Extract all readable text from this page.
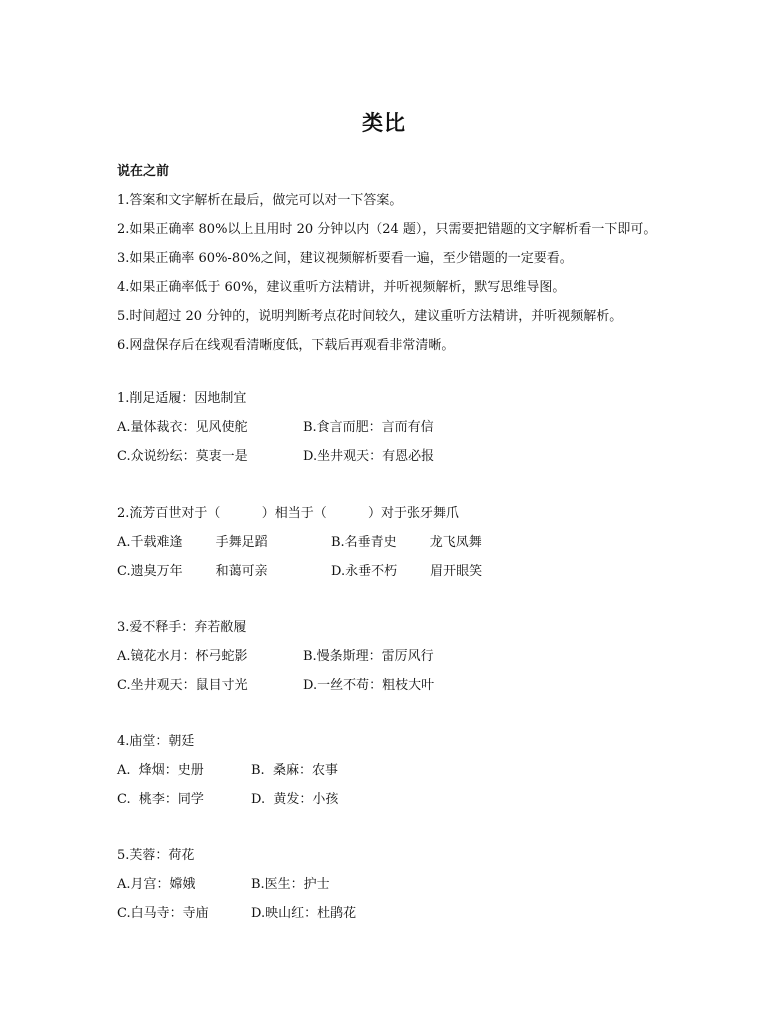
类比
说在之前
1.答案和文字解析在最后，做完可以对一下答案。
2.如果正确率 80%以上且用时 20 分钟以内（24 题），只需要把错题的文字解析看一下即可。
3.如果正确率 60%-80%之间，建议视频解析要看一遍，至少错题的一定要看。
4.如果正确率低于 60%，建议重听方法精讲，并听视频解析，默写思维导图。
5.时间超过 20 分钟的，说明判断考点花时间较久，建议重听方法精讲，并听视频解析。
6.网盘保存后在线观看清晰度低，下载后再观看非常清晰。
1.削足适履：因地制宜
A.量体裁衣：见风使舵	B.食言而肥：言而有信
C.众说纷纭：莫衷一是	D.坐井观天：有恩必报
2.流芳百世对于（          ）相当于（          ）对于张牙舞爪
A.千载难逢        手舞足蹈	B.名垂青史        龙飞凤舞
C.遗臭万年        和蔼可亲	D.永垂不朽        眉开眼笑
3.爱不释手：弃若敝履
A.镜花水月：杯弓蛇影	B.慢条斯理：雷厉风行
C.坐井观天：鼠目寸光	D.一丝不苟：粗枝大叶
4.庙堂：朝廷
A.  烽烟：史册	B.  桑麻：农事
C.  桃李：同学	D.  黄发：小孩
5.芙蓉：荷花
A.月宫：嫦娥	B.医生：护士
C.白马寺：寺庙	D.映山红：杜鹃花
